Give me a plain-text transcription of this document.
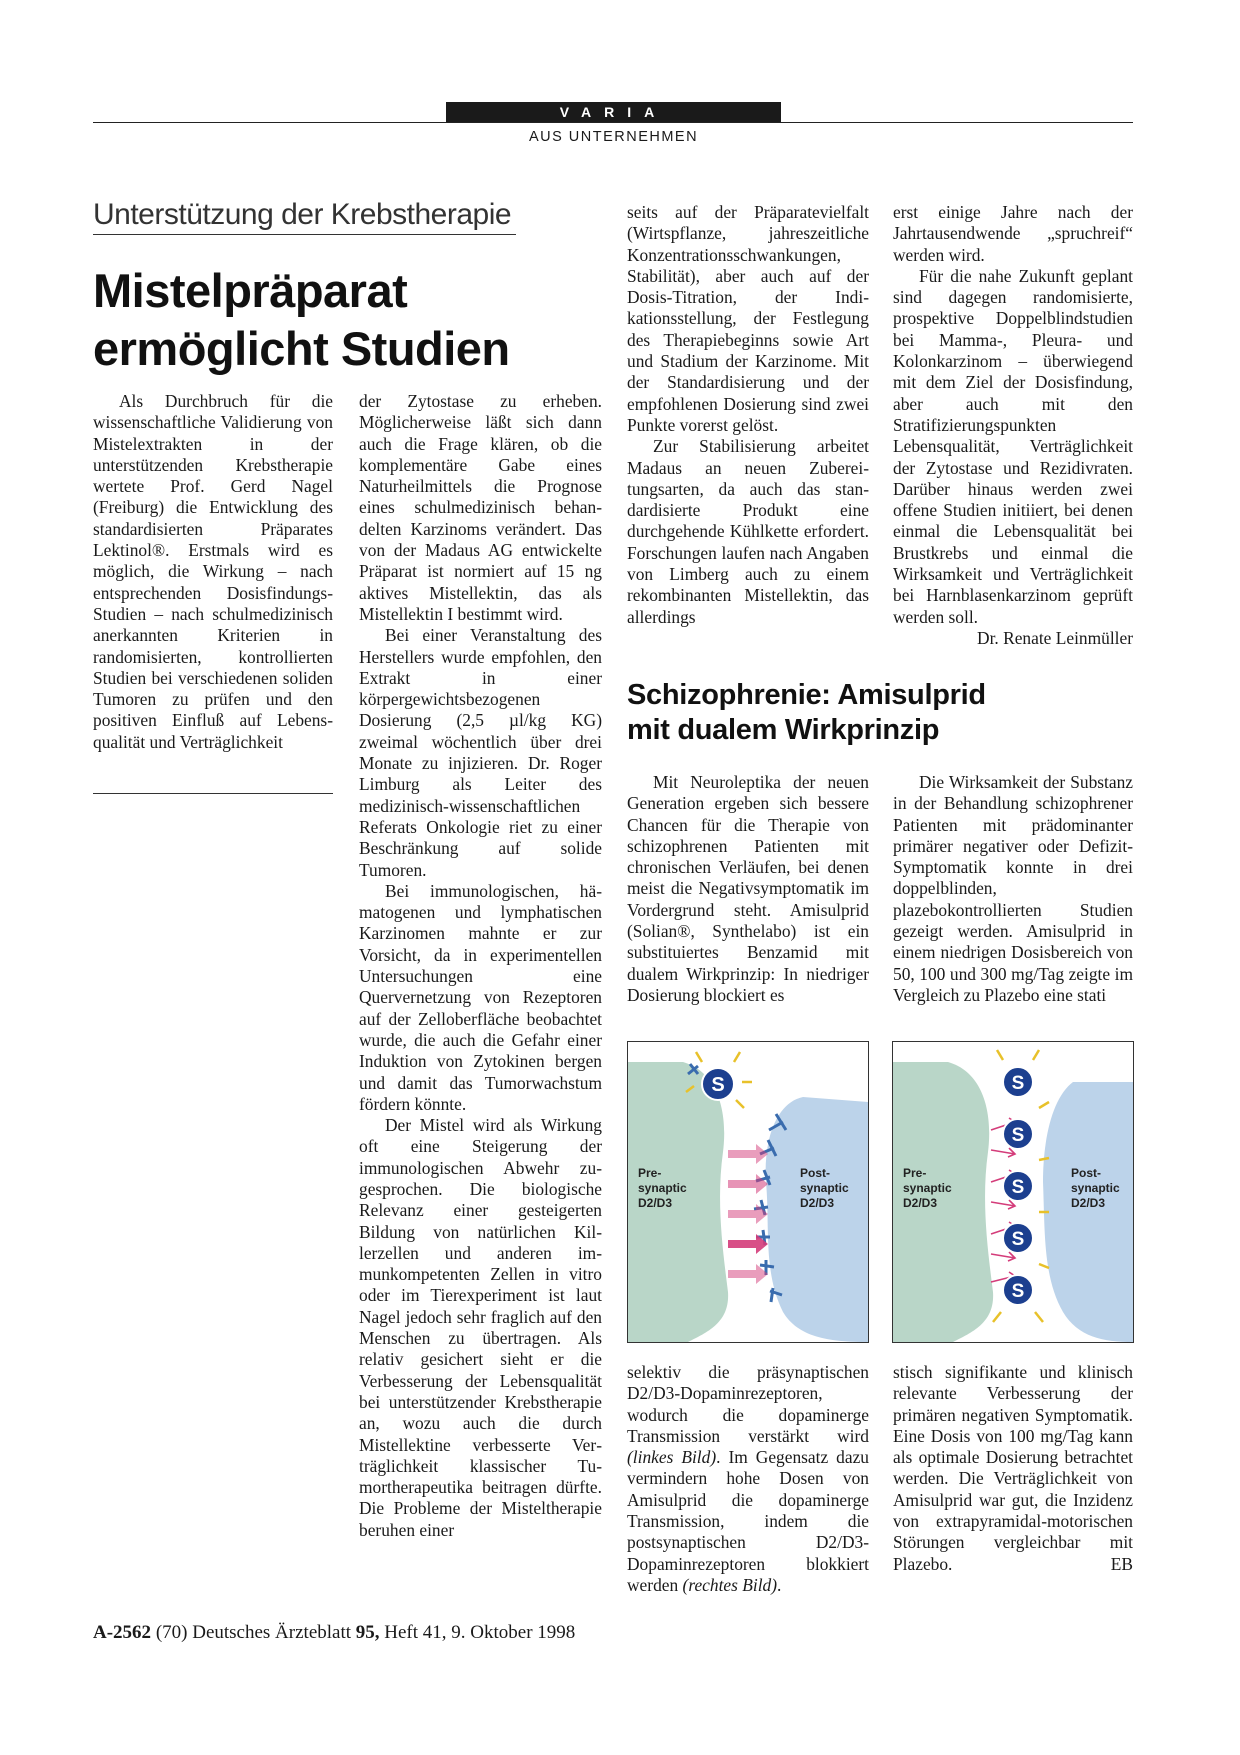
VARIA
AUS UNTERNEHMEN
Unterstützung der Krebstherapie
Mistelpräparat
ermöglicht Studien

Als Durchbruch für die wissenschaftliche Validierung von Mistelextrakten in der unterstützenden Krebstherapie wertete Prof. Gerd Nagel (Freiburg) die Entwicklung des standardisierten Präparates Lektinol®. Erstmals wird es möglich, die Wirkung – nach entsprechenden Dosisfindungs-Studien – nach schulmedizinisch anerkannten Kriterien in randomisierten, kontrollierten Studien bei verschiedenen soliden Tumoren zu prüfen und den positiven Einfluß auf Lebensqualität und Verträglichkeit

der Zytostase zu erheben. Möglicherweise läßt sich dann auch die Frage klären, ob die komplementäre Gabe eines Naturheilmittels die Prognose eines schulmedizinisch behandelten Karzinoms verändert. Das von der Madaus AG entwickelte Präparat ist normiert auf 15 ng aktives Mistellektin, das als Mistellektin I bestimmt wird.

Bei einer Veranstaltung des Herstellers wurde empfohlen, den Extrakt in einer körpergewichtsbezogenen Dosierung (2,5 µl/kg KG) zweimal wöchentlich über drei Monate zu injizieren. Dr. Roger Limburg als Leiter des medizinisch-wissenschaftlichen Referats Onkologie riet zu einer Beschränkung auf solide Tumoren.

Bei immunologischen, hämatogenen und lymphatischen Karzinomen mahnte er zur Vorsicht, da in experimentellen Untersuchungen eine Quervernetzung von Rezeptoren auf der Zelloberfläche beobachtet wurde, die auch die Gefahr einer Induktion von Zytokinen bergen und damit das Tumorwachstum fördern könnte.

Der Mistel wird als Wirkung oft eine Steigerung der immunologischen Abwehr zugesprochen. Die biologische Relevanz einer gesteigerten Bildung von natürlichen Killerzellen und anderen immunkompetenten Zellen in vitro oder im Tierexperiment ist laut Nagel jedoch sehr fraglich auf den Menschen zu übertragen. Als relativ gesichert sieht er die Verbesserung der Lebensqualität bei unterstützender Krebstherapie an, wozu auch die durch Mistellektine verbesserte Verträglichkeit klassischer Tumortherapeutika beitragen dürfte. Die Probleme der Misteltherapie beruhen einer

seits auf der Präparatevielfalt (Wirtspflanze, jahreszeitliche Konzentrationsschwankungen, Stabilität), aber auch auf der Dosis-Titration, der Indikationsstellung, der Festlegung des Therapiebeginns sowie Art und Stadium der Karzinome. Mit der Standardisierung und der empfohlenen Dosierung sind zwei Punkte vorerst gelöst.

Zur Stabilisierung arbeitet Madaus an neuen Zubereitungsarten, da auch das standardisierte Produkt eine durchgehende Kühlkette erfordert. Forschungen laufen nach Angaben von Limberg auch zu einem rekombinanten Mistellektin, das allerdings

erst einige Jahre nach der Jahrtausendwende „spruchreif“ werden wird.

Für die nahe Zukunft geplant sind dagegen randomisierte, prospektive Doppelblindstudien bei Mamma-, Pleura- und Kolonkarzinom – überwiegend mit dem Ziel der Dosisfindung, aber auch mit den Stratifizierungspunkten Lebensqualität, Verträglichkeit der Zytostase und Rezidivraten. Darüber hinaus werden zwei offene Studien initiiert, bei denen einmal die Lebensqualität bei Brustkrebs und einmal die Wirksamkeit und Verträglichkeit bei Harnblasenkarzinom geprüft werden soll.
Dr. Renate Leinmüller

Schizophrenie: Amisulprid
mit dualem Wirkprinzip

Mit Neuroleptika der neuen Generation ergeben sich bessere Chancen für die Therapie von schizophrenen Patienten mit chronischen Verläufen, bei denen meist die Negativsymptomatik im Vordergrund steht. Amisulprid (Solian®, Synthelabo) ist ein substituiertes Benzamid mit dualem Wirkprinzip: In niedriger Dosierung blockiert es

Die Wirksamkeit der Substanz in der Behandlung schizophrener Patienten mit prädominanter primärer negativer oder Defizit-Symptomatik konnte in drei doppelblinden, plazebokontrollierten Studien gezeigt werden. Amisulprid in einem niedrigen Dosisbereich von 50, 100 und 300 mg/Tag zeigte im Vergleich zu Plazebo eine stati

S
Pre-
synaptic
D2/D3
Post-
synaptic
D2/D3
S
S
S
S
S
Pre-
synaptic
D2/D3
Post-
synaptic
D2/D3

selektiv die präsynaptischen D2/D3-Dopaminrezeptoren, wodurch die dopaminerge Transmission verstärkt wird (linkes Bild). Im Gegensatz dazu vermindern hohe Dosen von Amisulprid die dopaminerge Transmission, indem die postsynaptischen D2/D3-Dopaminrezeptoren blokkiert werden (rechtes Bild).

stisch signifikante und klinisch relevante Verbesserung der primären negativen Symptomatik. Eine Dosis von 100 mg/Tag kann als optimale Dosierung betrachtet werden. Die Verträglichkeit von Amisulprid war gut, die Inzidenz von extrapyramidal-motorischen Störungen vergleichbar mit Plazebo.	EB

A-2562 (70) Deutsches Ärzteblatt 95, Heft 41, 9. Oktober 1998
